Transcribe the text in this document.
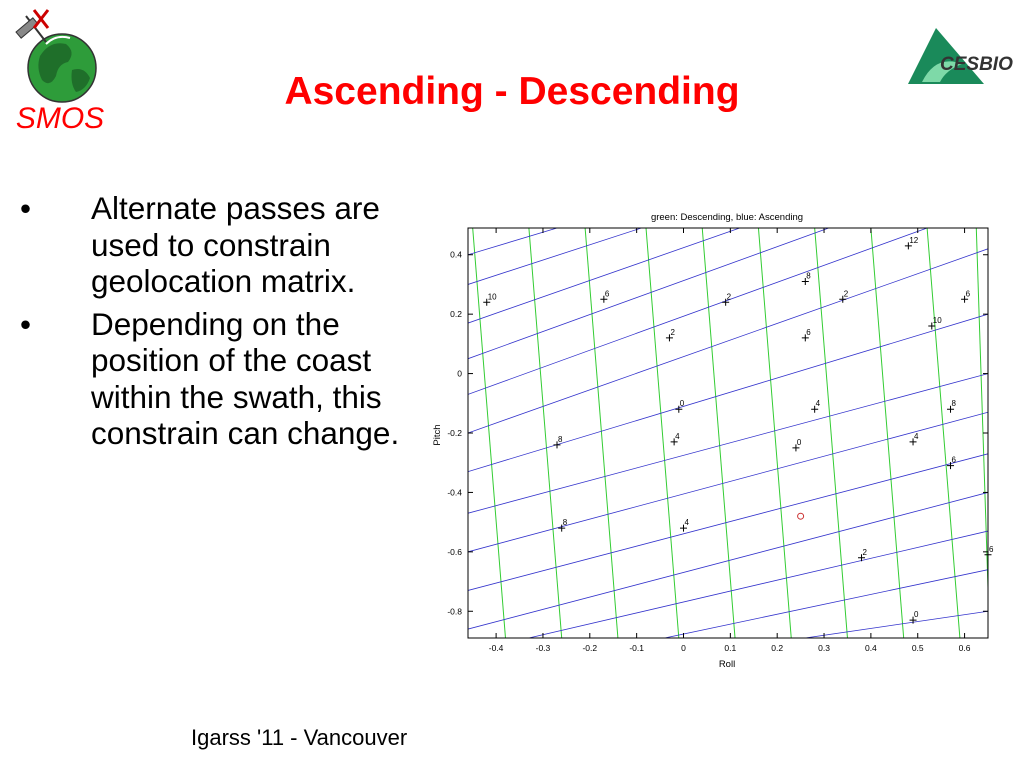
SMOS
CESBIO
Ascending - Descending
• Alternate passes are used to constrain geolocation matrix.
• Depending on the position of the coast within the swath, this constrain can change.
green: Descending, blue: Ascending
Roll
Pitch
-0.4	-0.3	-0.2	-0.1	0	0.1	0.2	0.3	0.4	0.5	0.6
0.4
0.2
0
-0.2
-0.4
-0.6
-0.8
12
10	6	2
8
2	6
2	6
10
0	4	8
8	4
0
4
6
8	4
2	6
0
Igarss '11 - Vancouver
